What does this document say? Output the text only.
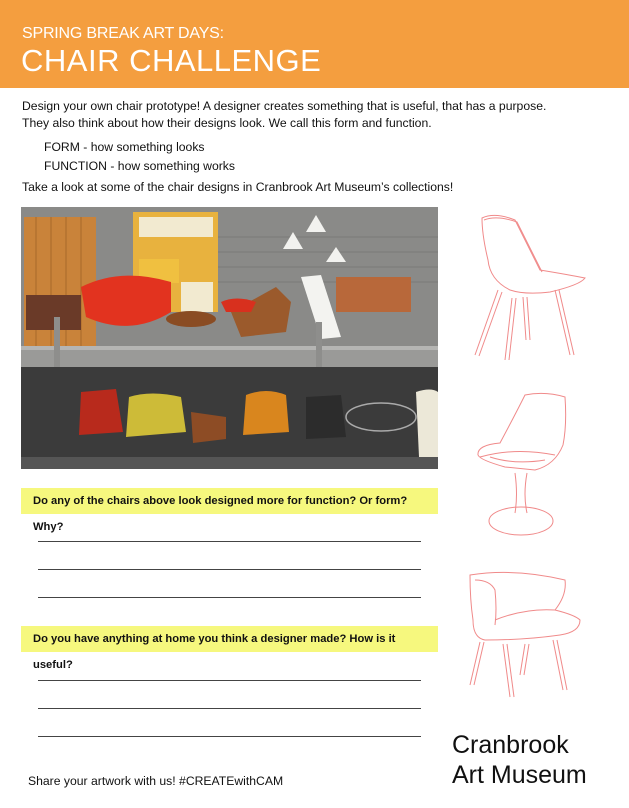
SPRING BREAK ART DAYS:
CHAIR CHALLENGE
Design your own chair prototype! A designer creates something that is useful, that has a purpose.
They also think about how their designs look. We call this form and function.
FORM - how something looks
FUNCTION - how something works
Take a look at some of the chair designs in Cranbrook Art Museum’s collections!
Do any of the chairs above look designed more for function? Or form? Why?
Do you have anything at home you think a designer made? How is it useful?
Share your artwork with us! #CREATEwithCAM
Cranbrook
Art Museum
